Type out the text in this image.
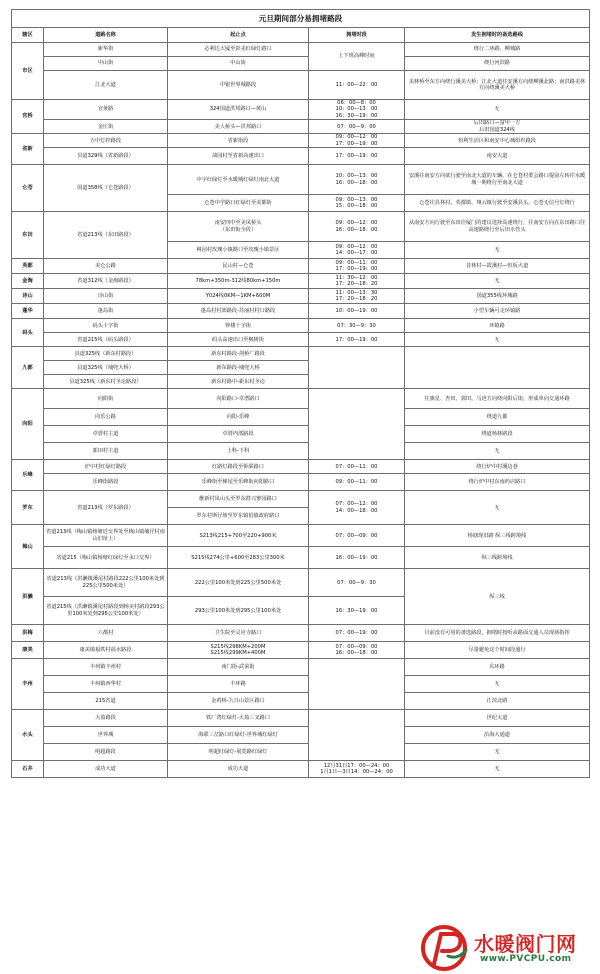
元旦期间部分易拥堵路段				
辖区	道路名称	起止点	拥堵时段	发生拥堵时的备选路线
市区	新华街	必利达大厦至彭美红绿灯路口	上下班高峰时间	绕行二环路、柳城路
	中山街	中山街		绕行河滨路
	江北大道	中银世界城路段	11：00—22：00	美林桥至东方向绕行溪美大桥；江北大道往安溪方向绕柳溪北路；南洪路美林方向绕溪美大桥
官桥	官黄路	324国道洪邦路口—黄山	06：00—8：00
10：00—13：00
16：30—19：00	无
	金庄街	美人桥头—洪邦路口	07：00—9：00	后田路口—富甲一方
后田国道324线
省新	五中灯控路段	省新街段	09：00—12：00
17：00—19：00	恒利生活区和南安中心城组织路段
	县道329线（省新路段）	油园村至省新高速出口	17：00—19：00	南安大道
仑苍	国道358线（仑苍路段）	中宇红绿灯至水暖城红绿灯南北大道	10：00—13：00
16：00—18：00	安溪往南安方向欲行驶至南北大道的车辆，在仑苍村委会路口提前左转往水暖城一期绕行至南北大道
		仑苍中学路口红绿灯至美都街	09：00—13：00
15：00—18：00	仑苍往县林村、英都镇、翔云镇行驶至安溪县头，仑苍无信号灯绕行
东田	省道213线（东田路段）	南安四中至美凤桥头
（东田街全段）	09：00—12：00
16：00—18：00	从南安方向行驶至东田往厦门的建议选择高速绕行，往南安方向在东田路口往高速路绕行至后田水管头
		桃园村玫瑰小镇路口至玫瑰小镇景区	09：00—12：00
14：00—17：00	无
英都	美仑公路	民山村—仑苍	09：00—11：00
17：00—19：00	昔林村—霞溪村—恒坂大道
金淘	省道312线（金淘路段）	78km+350m-312线80km+150m	11：30—12：00
17：20—18：20	无
诗山	诗山街	Y024线0KM—1KM+600M	11：00—13：30
17：20—18：20	国道355线环城路
蓬华	蓬岛街	蓬岛村村部路段-苏丽村村口路段	10：00—19：00	小型车辆可走环镇路
码头	码头十字街	钟楼十字街	07：30—9：30	环镇路
	省道215线（码头路段）	码头高速出口至枫树街	17：00—19：00	无
九都	县道325线（新东村路段）	新东村路段-剑桥厂路段		
	县道325线（埔兜大桥）	新东路段-埔兜大桥		
	县道325线（新东村圣论路段）	新东村路中-新东村圣论		
向阳	向阳街	向阳路口-卓厝路口		往旗星、杏田、郭田、马迹方向绕向阳后街，形成单向交通环路
	向乐公路	向阳-乐峰		绕道九都
	卓厝村主道	卓厝内部路段		绕道杨林路段
	郭田村主道	上科-下科		无
乐峰	炉中村红绿灯路段	红路灯路段至侨联路口	07：00—11：00	绕行炉中村溪边巷
	乐峰街路段	乐峰街至梯尾至乐峰街向阳路口	09：00—11：00	绕行炉中村东南药店路口
罗东	省道213线（罗东路段）	维新村凤山头至罗东群兴寥园路口	07：00—12：00
14：00—18：00	无
		罗东村斯仔坡至罗东镇伯镇政府路口		
梅山	省道213线（梅山镇杨塘近交界处至梅山镇埔仔村南山旧址上）	S213线215+700至220+900米	07：00—09：00	杨塘现旧路 纵三线跨境线
	省道215（梅山镇杨塘红绿灯至永口交界）	S215线274公里+600至283公里300米	16：00—19：00	纵三线跨境线
洪濑	省道213线（洪濑镇溪尾村路段222公里100米处到225公里500米处）	222公里100米处到225公里500米处	07：00—9：30	纵三线
	省道215线（洪濑镇溪尾村路段到杨美村路段293公里100米处到295公里100米处）	293公里100米处到295公里100米处	16：30—19：00	
洪梅	六都村	卫生院至灵应寺路口	07：00—19：00	目前没有可用的备选路段，拥堵时按听从路面交通人员现场指挥
康美	康美镇福铁村福水路段	S215线298KM+200M
S215线299KM+400M	07：00—09：00
16：00—18：00	尽量避免这个时间段通行
丰州	丰州镇丰州村	南门街-武荣街		东环路
	丰州镇西华村	丰环路		无
	215省道	金鸡桥-九日山景区路口		江滨北路
水头	大盈路段	铁厂湾红绿灯-大盈三叉路口		世纪大道
	世界城	海联三岔路口红绿灯-世界城红绿灯		沿海大通道
	明超路段	明超红绿灯-展览路红绿灯		无
石井	成功大道	成功大道	12月31日17：00—24：00
1月1日—3日14：00—24：00	无
水暖阀门网
www.PVCPU.com
